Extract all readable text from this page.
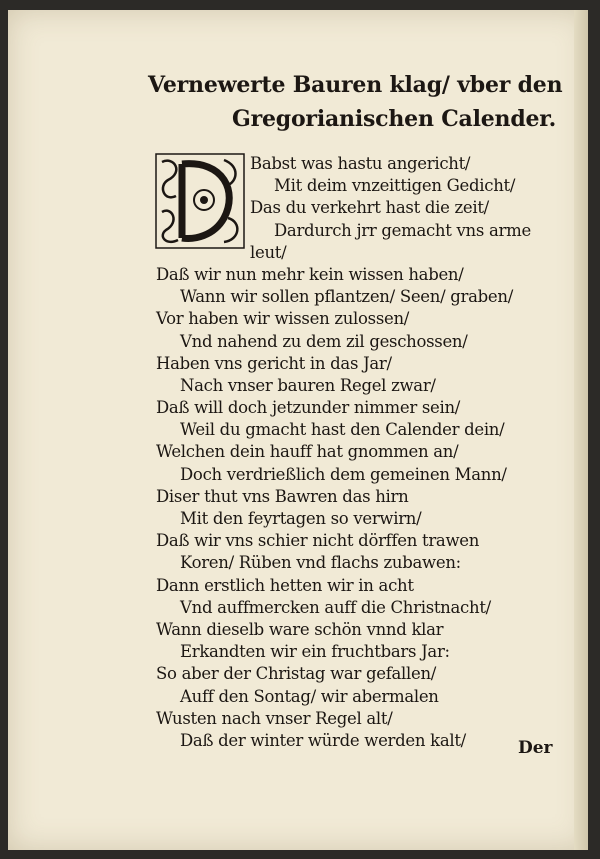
Vernewerte Bauren klag/ vber den
Gregorianischen Calender.
Babst was hastu angericht/
Mit deim vnzeittigen Gedicht/
Das du verkehrt hast die zeit/
Dardurch jrr gemacht vns arme
leut/
Daß wir nun mehr kein wissen haben/
Wann wir sollen pflantzen/ Seen/ graben/
Vor haben wir wissen zulossen/
Vnd nahend zu dem zil geschossen/
Haben vns gericht in das Jar/
Nach vnser bauren Regel zwar/
Daß will doch jetzunder nimmer sein/
Weil du gmacht hast den Calender dein/
Welchen dein hauff hat gnommen an/
Doch verdrießlich dem gemeinen Mann/
Diser thut vns Bawren das hirn
Mit den feyrtagen so verwirn/
Daß wir vns schier nicht dörffen trawen
Koren/ Rüben vnd flachs zubawen:
Dann erstlich hetten wir in acht
Vnd auffmercken auff die Christnacht/
Wann dieselb ware schön vnnd klar
Erkandten wir ein fruchtbars Jar:
So aber der Christag war gefallen/
Auff den Sontag/ wir abermalen
Wusten nach vnser Regel alt/
Daß der winter würde werden kalt/	Der
